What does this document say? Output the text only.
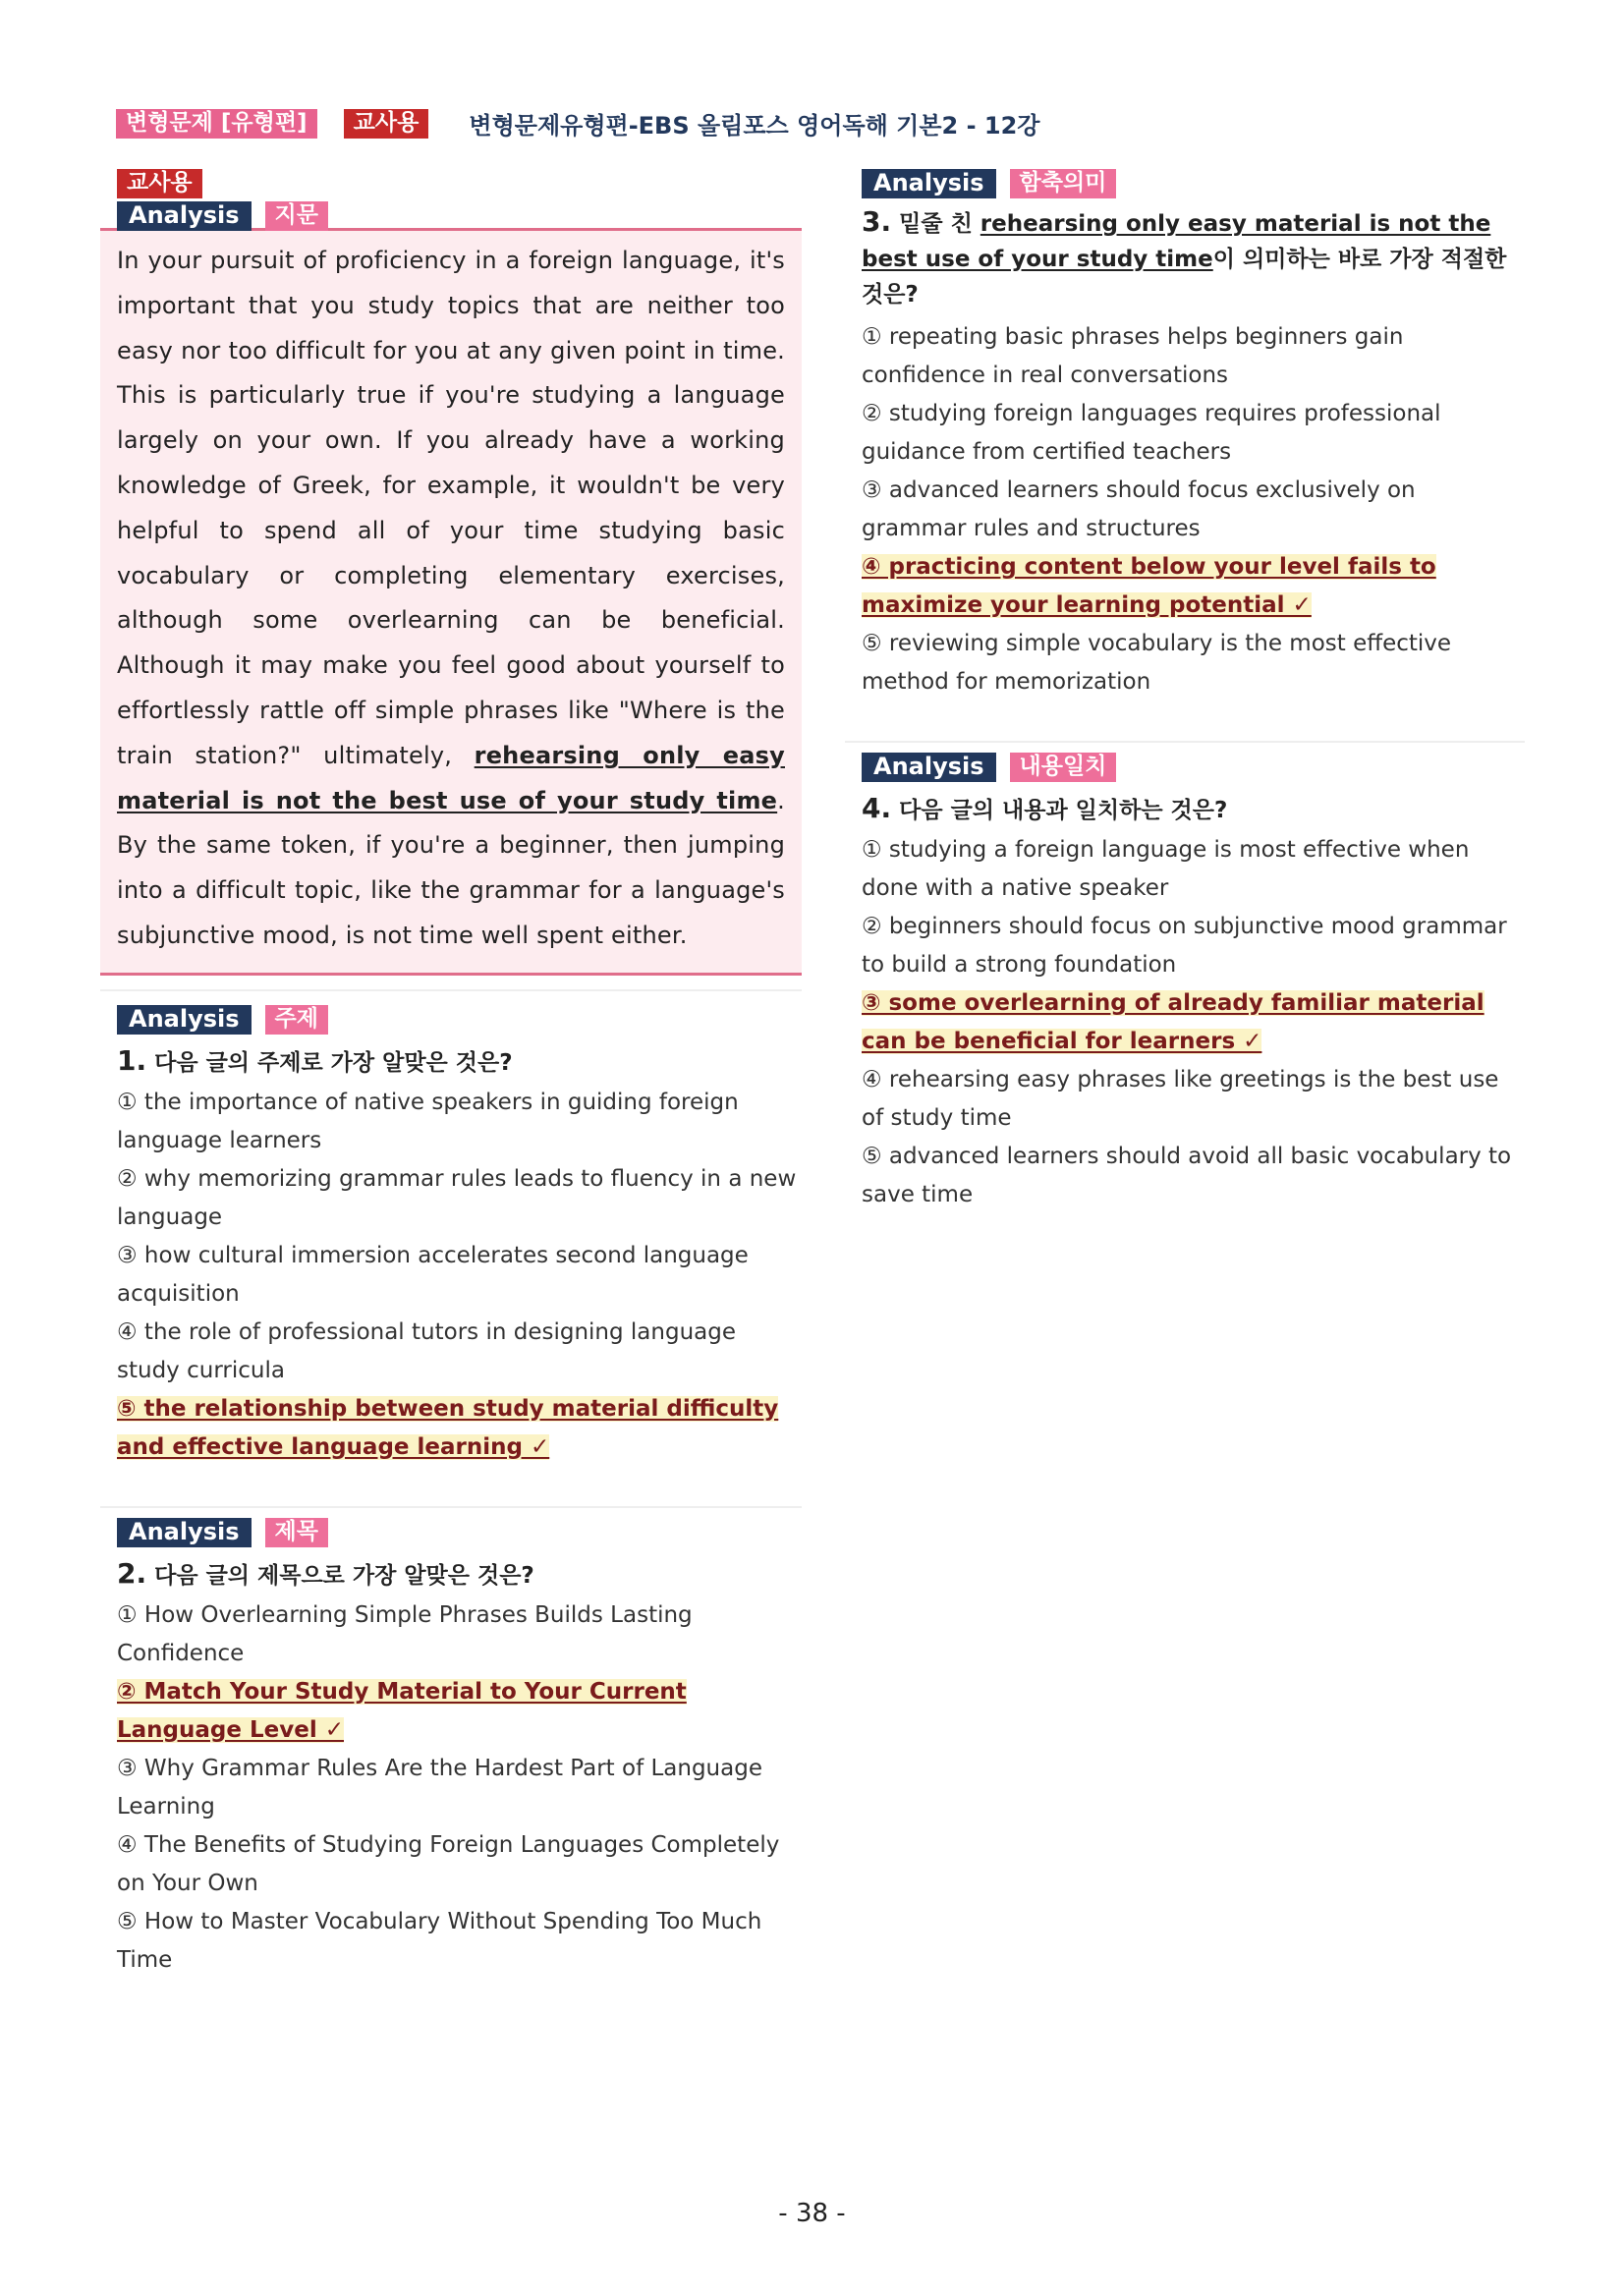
변형문제 [유형편] 교사용 변형문제유형편-EBS 올림포스 영어독해 기본2 - 12강
교사용
Analysis 지문

In your pursuit of proficiency in a foreign language, it's important that you study topics that are neither too easy nor too difficult for you at any given point in time. This is particularly true if you're studying a language largely on your own. If you already have a working knowledge of Greek, for example, it wouldn't be very helpful to spend all of your time studying basic vocabulary or completing elementary exercises, although some overlearning can be beneficial. Although it may make you feel good about yourself to effortlessly rattle off simple phrases like "Where is the train station?" ultimately, rehearsing only easy material is not the best use of your study time. By the same token, if you're a beginner, then jumping into a difficult topic, like the grammar for a language's subjunctive mood, is not time well spent either.

Analysis 주제
1. 다음 글의 주제로 가장 알맞은 것은?
① the importance of native speakers in guiding foreign language learners
② why memorizing grammar rules leads to fluency in a new language
③ how cultural immersion accelerates second language acquisition
④ the role of professional tutors in designing language study curricula
⑤ the relationship between study material difficulty and effective language learning ✓
Analysis 제목
2. 다음 글의 제목으로 가장 알맞은 것은?
① How Overlearning Simple Phrases Builds Lasting Confidence
② Match Your Study Material to Your Current Language Level ✓
③ Why Grammar Rules Are the Hardest Part of Language Learning
④ The Benefits of Studying Foreign Languages Completely on Your Own
⑤ How to Master Vocabulary Without Spending Too Much Time
Analysis 함축의미
3. 밑줄 친 rehearsing only easy material is not the best use of your study time이 의미하는 바로 가장 적절한 것은?
① repeating basic phrases helps beginners gain confidence in real conversations
② studying foreign languages requires professional guidance from certified teachers
③ advanced learners should focus exclusively on grammar rules and structures
④ practicing content below your level fails to maximize your learning potential ✓
⑤ reviewing simple vocabulary is the most effective method for memorization
Analysis 내용일치
4. 다음 글의 내용과 일치하는 것은?
① studying a foreign language is most effective when done with a native speaker
② beginners should focus on subjunctive mood grammar to build a strong foundation
③ some overlearning of already familiar material can be beneficial for learners ✓
④ rehearsing easy phrases like greetings is the best use of study time
⑤ advanced learners should avoid all basic vocabulary to save time
- 38 -
